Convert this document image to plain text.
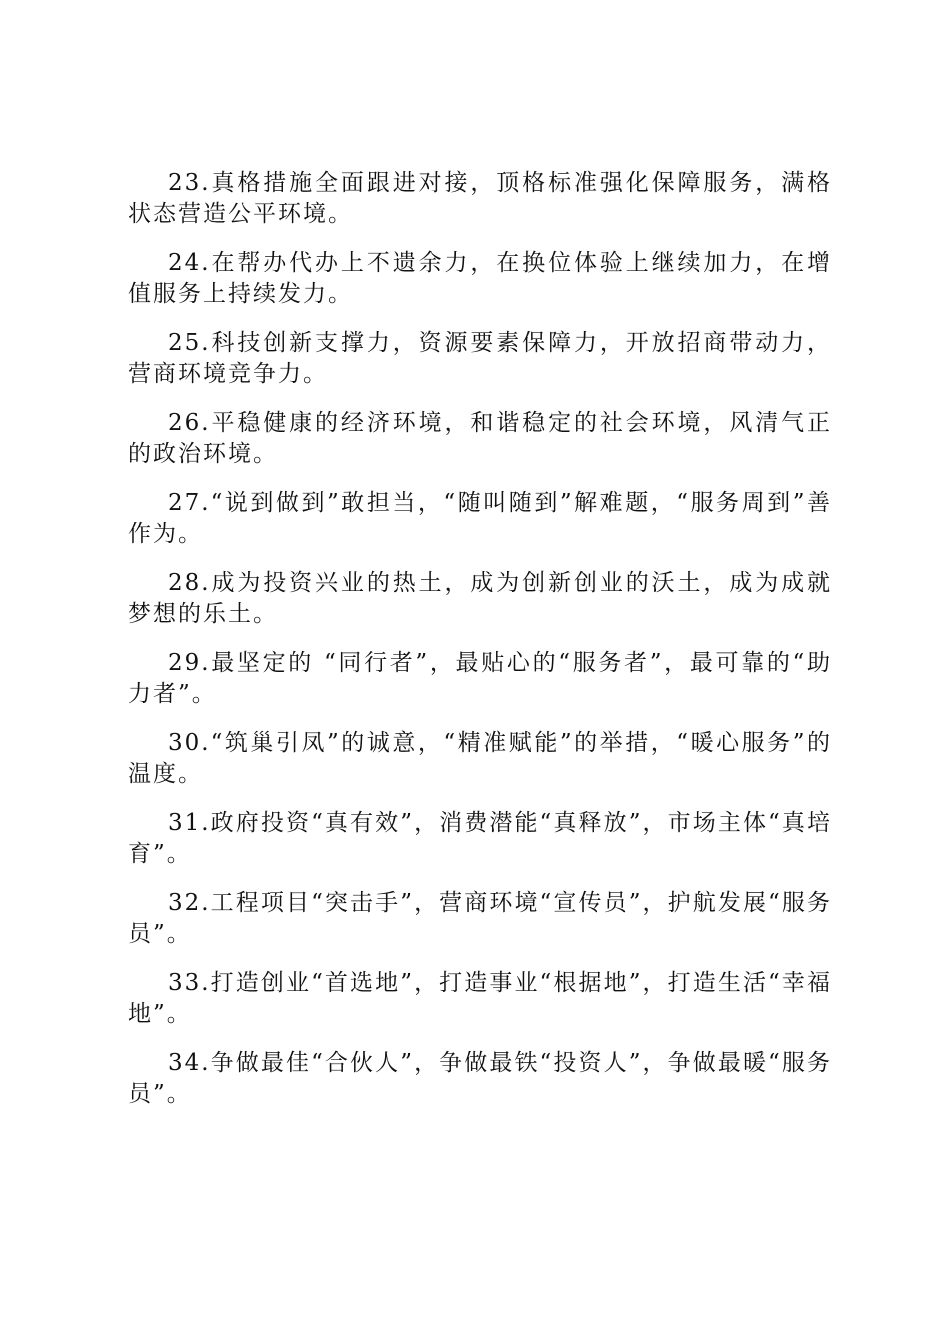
23.真格措施全面跟进对接，顶格标准强化保障服务，满格状态营造公平环境。

24.在帮办代办上不遗余力，在换位体验上继续加力，在增值服务上持续发力。

25.科技创新支撑力，资源要素保障力，开放招商带动力，营商环境竞争力。

26.平稳健康的经济环境，和谐稳定的社会环境，风清气正的政治环境。

27.“说到做到”敢担当，“随叫随到”解难题，“服务周到”善作为。

28.成为投资兴业的热土，成为创新创业的沃土，成为成就梦想的乐土。

29.最坚定的 “同行者”，最贴心的“服务者”，最可靠的“助力者”。

30.“筑巢引凤”的诚意，“精准赋能”的举措，“暖心服务”的温度。

31.政府投资“真有效”，消费潜能“真释放”，市场主体“真培育”。

32.工程项目“突击手”，营商环境“宣传员”，护航发展“服务员”。

33.打造创业“首选地”，打造事业“根据地”，打造生活“幸福地”。

34.争做最佳“合伙人”，争做最铁“投资人”，争做最暖“服务员”。
